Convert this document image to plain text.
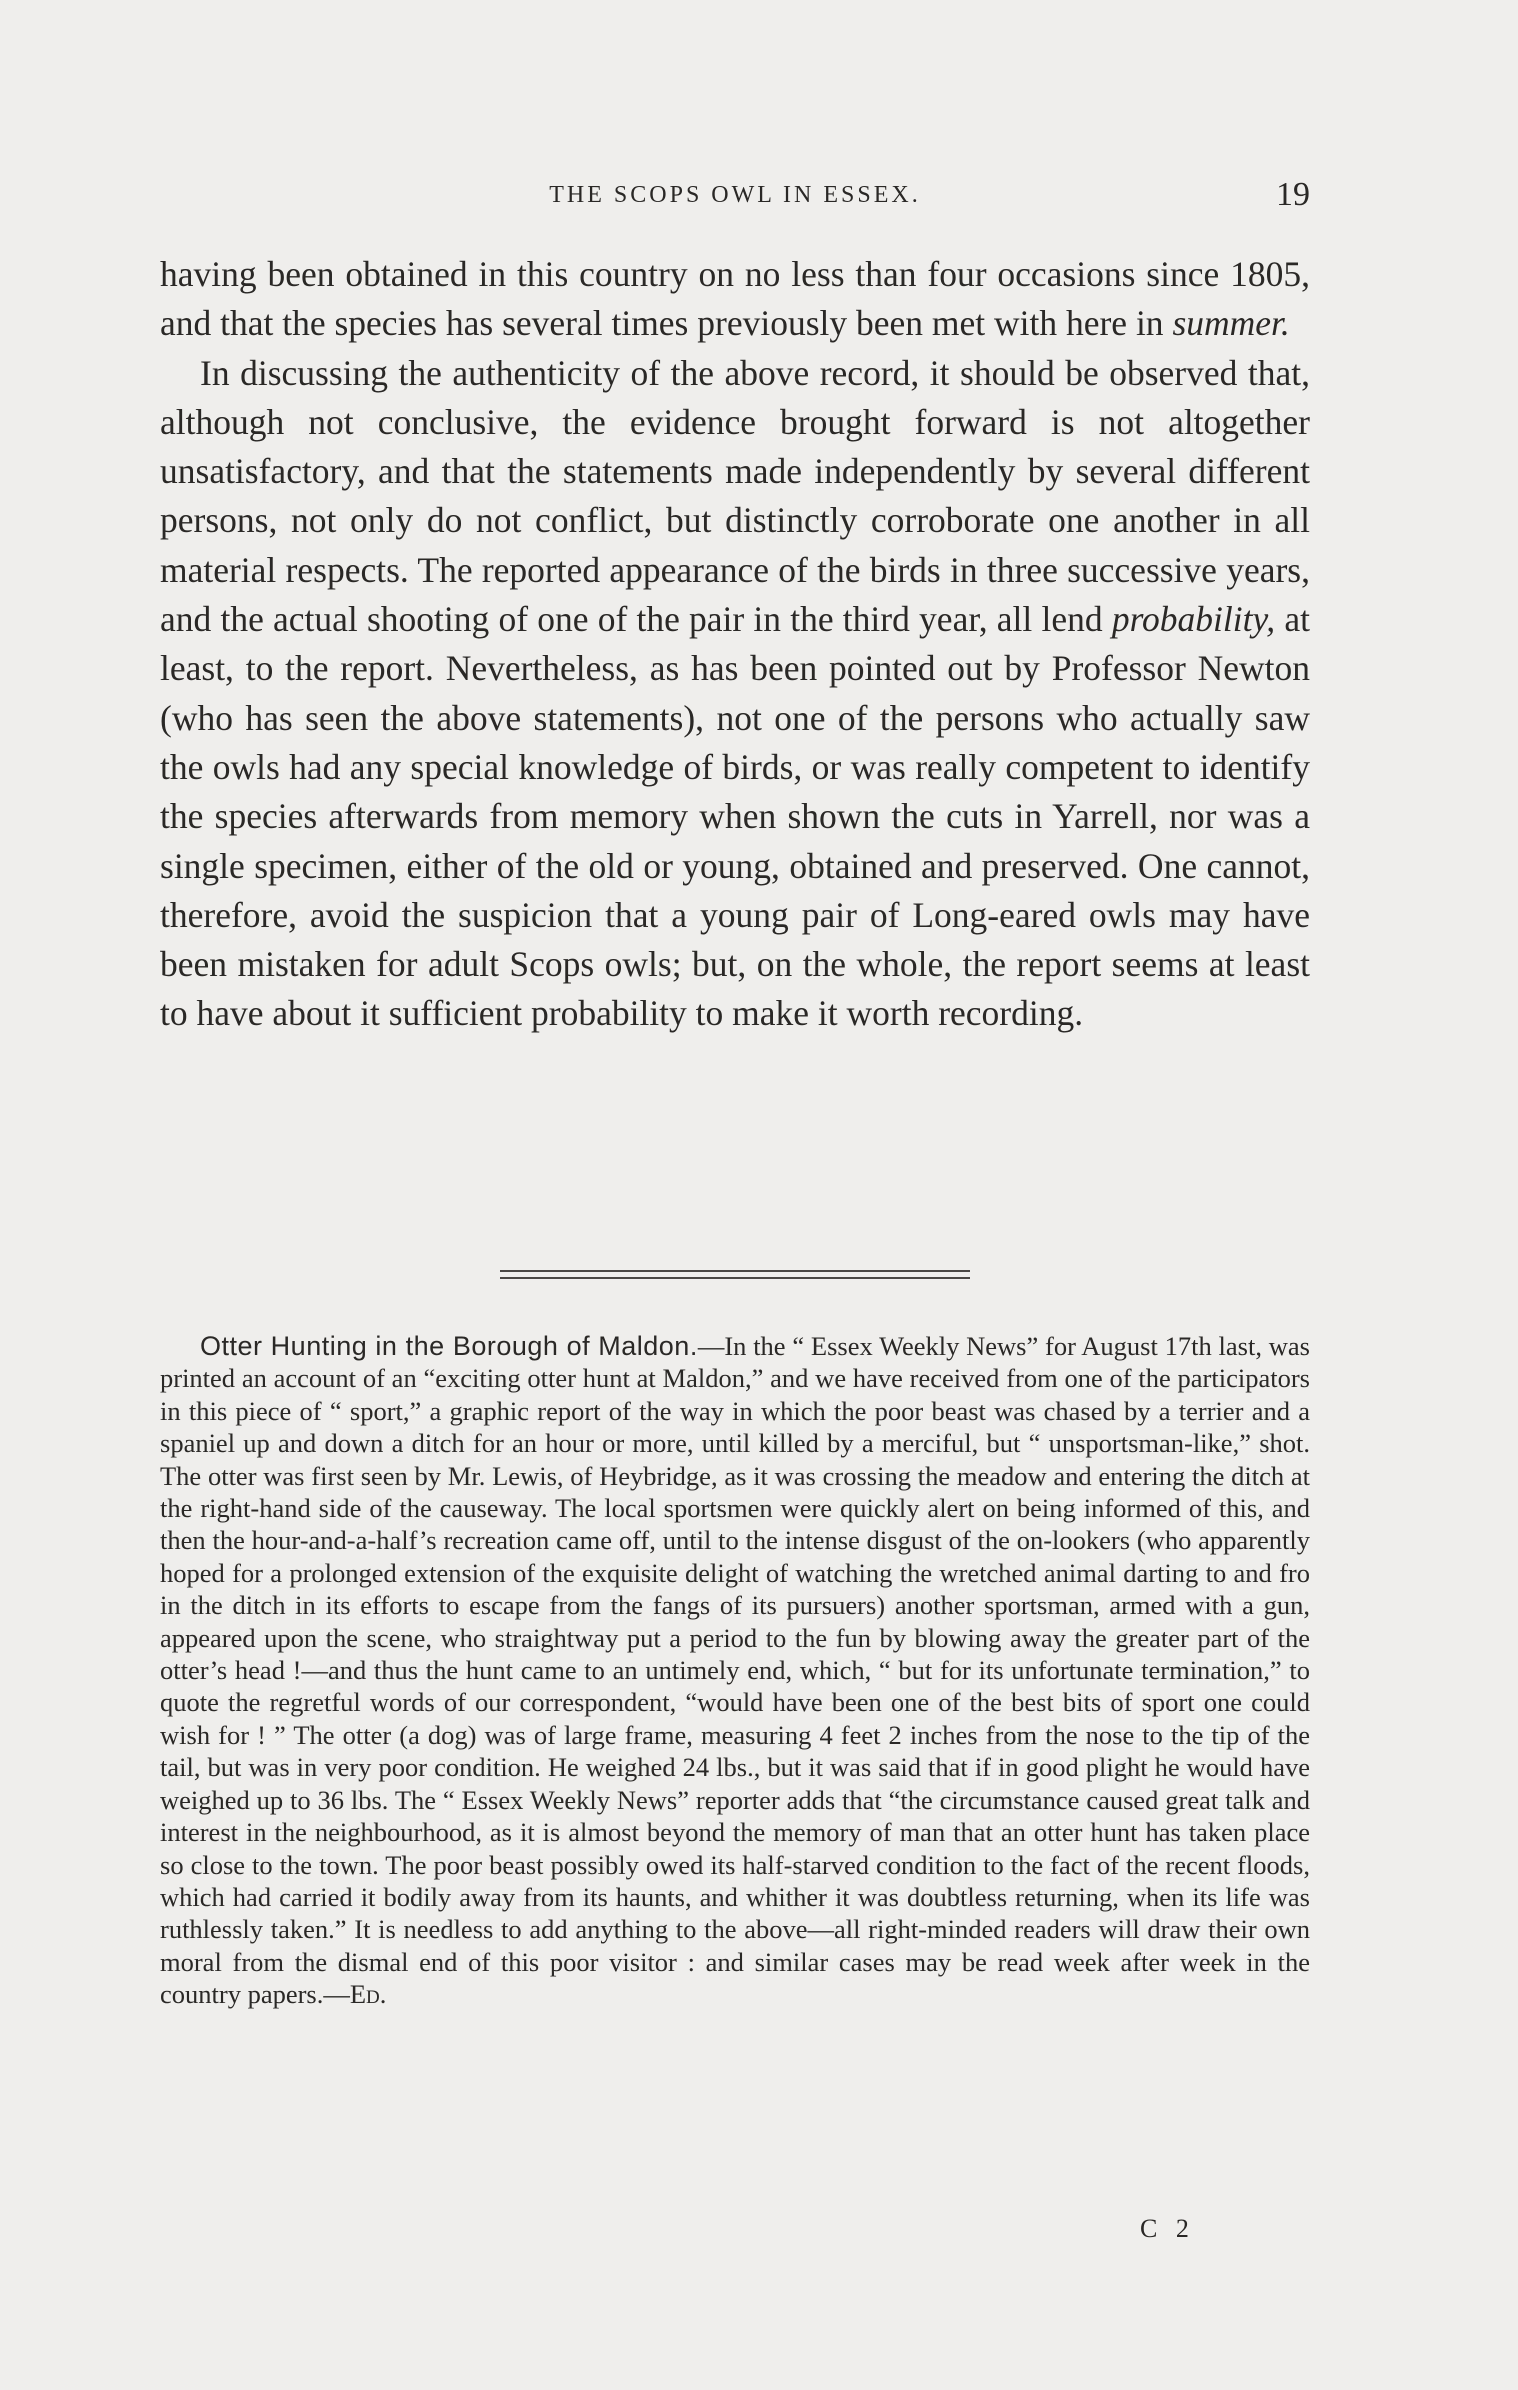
THE SCOPS OWL IN ESSEX.	19

having been obtained in this country on no less than four occasions since 1805, and that the species has several times previously been met with here in summer.

In discussing the authenticity of the above record, it should be observed that, although not conclusive, the evidence brought forward is not altogether unsatisfactory, and that the statements made independently by several different persons, not only do not conflict, but distinctly corroborate one another in all material respects. The reported appearance of the birds in three successive years, and the actual shooting of one of the pair in the third year, all lend probability, at least, to the report. Nevertheless, as has been pointed out by Professor Newton (who has seen the above statements), not one of the persons who actually saw the owls had any special knowledge of birds, or was really competent to identify the species afterwards from memory when shown the cuts in Yarrell, nor was a single specimen, either of the old or young, obtained and preserved. One cannot, therefore, avoid the suspicion that a young pair of Long-eared owls may have been mistaken for adult Scops owls; but, on the whole, the report seems at least to have about it sufficient probability to make it worth recording.

Otter Hunting in the Borough of Maldon.—In the “ Essex Weekly News” for August 17th last, was printed an account of an “exciting otter hunt at Maldon,” and we have received from one of the participators in this piece of “ sport,” a graphic report of the way in which the poor beast was chased by a terrier and a spaniel up and down a ditch for an hour or more, until killed by a merciful, but “ unsportsman-like,” shot. The otter was first seen by Mr. Lewis, of Heybridge, as it was crossing the meadow and entering the ditch at the right-hand side of the causeway. The local sportsmen were quickly alert on being informed of this, and then the hour-and-a-half’s recreation came off, until to the intense disgust of the on-lookers (who apparently hoped for a prolonged extension of the exquisite delight of watching the wretched animal darting to and fro in the ditch in its efforts to escape from the fangs of its pursuers) another sportsman, armed with a gun, appeared upon the scene, who straightway put a period to the fun by blowing away the greater part of the otter’s head !—and thus the hunt came to an untimely end, which, “ but for its unfortunate termination,” to quote the regretful words of our correspondent, “would have been one of the best bits of sport one could wish for ! ” The otter (a dog) was of large frame, measuring 4 feet 2 inches from the nose to the tip of the tail, but was in very poor condition. He weighed 24 lbs., but it was said that if in good plight he would have weighed up to 36 lbs. The “ Essex Weekly News” reporter adds that “the circumstance caused great talk and interest in the neighbourhood, as it is almost beyond the memory of man that an otter hunt has taken place so close to the town. The poor beast possibly owed its half-starved condition to the fact of the recent floods, which had carried it bodily away from its haunts, and whither it was doubtless returning, when its life was ruthlessly taken.” It is needless to add anything to the above—all right-minded readers will draw their own moral from the dismal end of this poor visitor : and similar cases may be read week after week in the country papers.—Ed.

C 2
